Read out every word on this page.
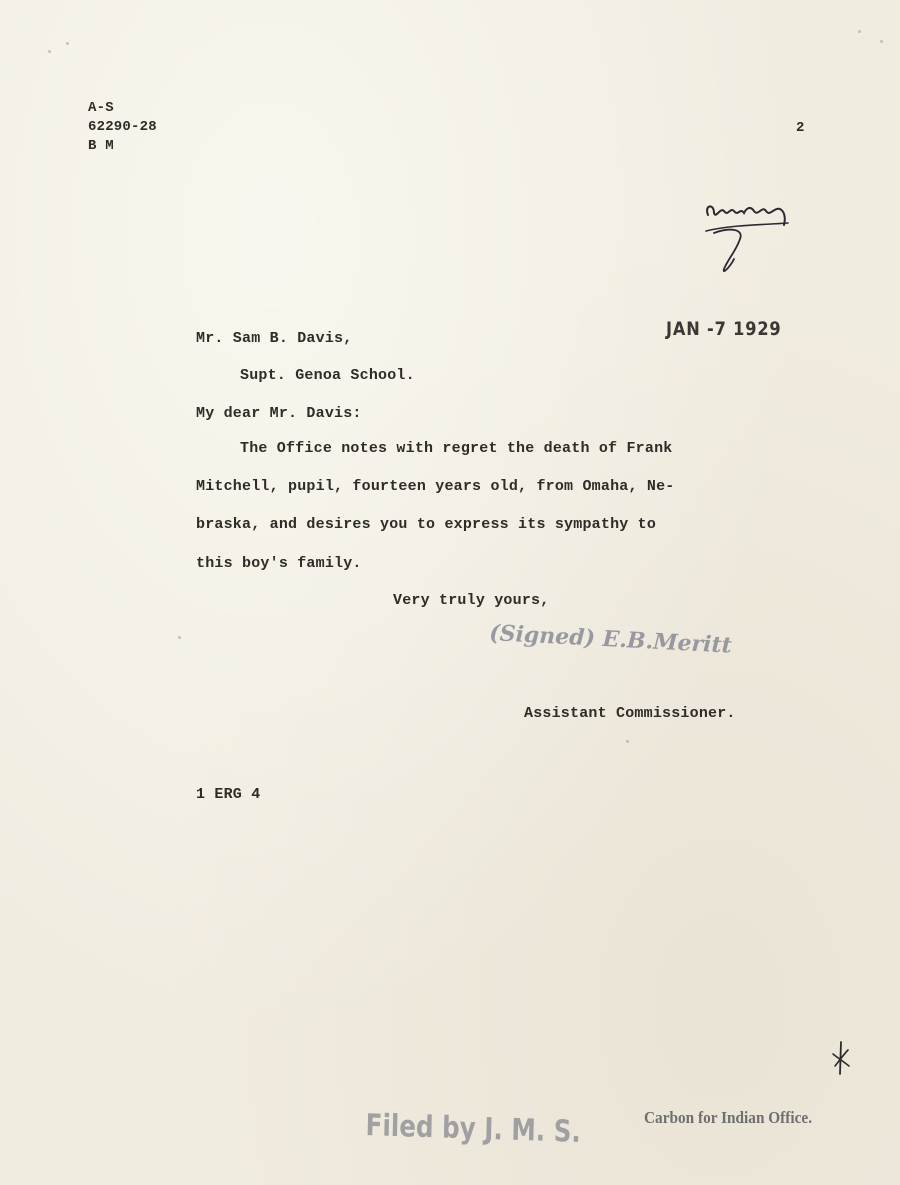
A-S

62290-28

B M

2

JAN -7 1929

Mr. Sam B. Davis,

Supt. Genoa School.

My dear Mr. Davis:

The Office notes with regret the death of Frank

Mitchell, pupil, fourteen years old, from Omaha, Ne-

braska, and desires you to express its sympathy to

this boy's family.

Very truly yours,

(Signed) E.B.Meritt

Assistant Commissioner.

1 ERG 4

Filed by J. M. S.	Carbon for Indian Office.
